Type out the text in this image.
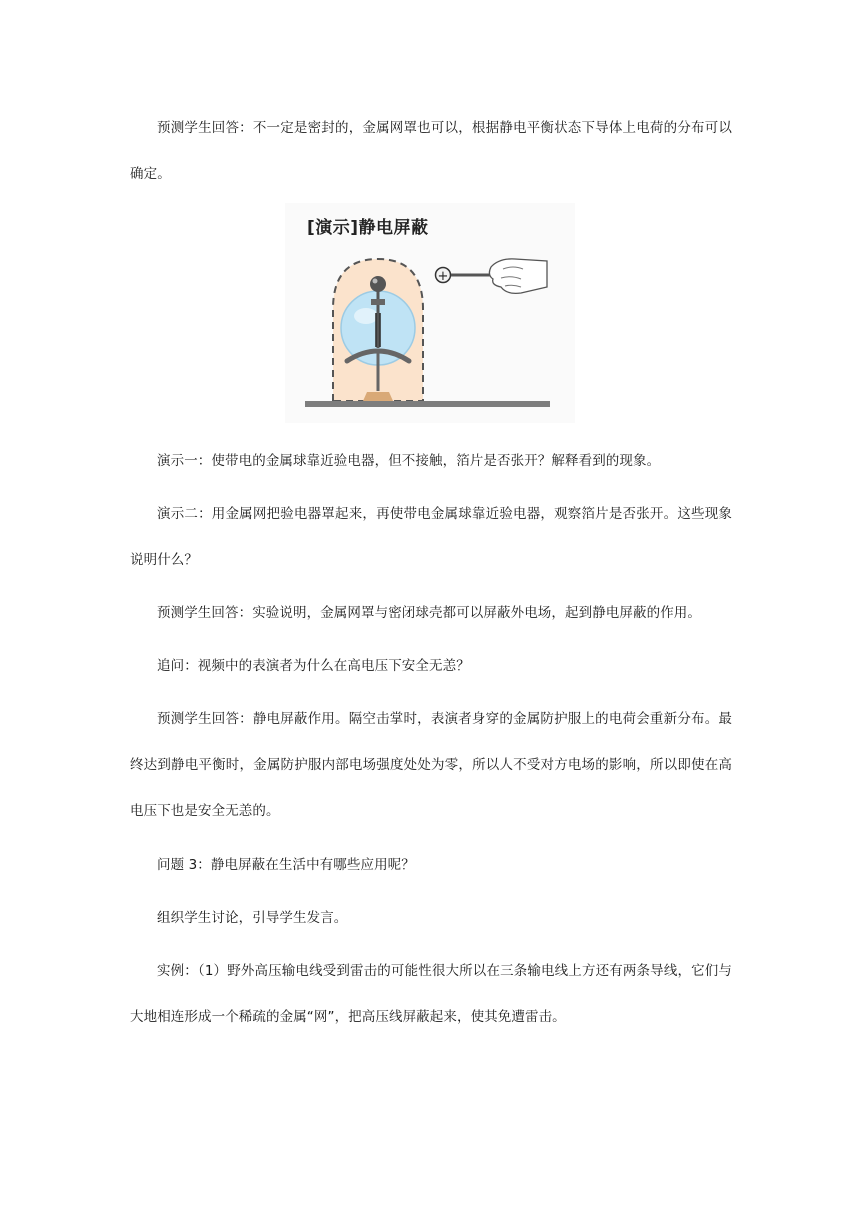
预测学生回答：不一定是密封的，金属网罩也可以，根据静电平衡状态下导体上电荷的分布可以确定。

+
[演示]静电屏蔽

演示一：使带电的金属球靠近验电器，但不接触，箔片是否张开？解释看到的现象。

演示二：用金属网把验电器罩起来，再使带电金属球靠近验电器，观察箔片是否张开。这些现象说明什么？

预测学生回答：实验说明，金属网罩与密闭球壳都可以屏蔽外电场，起到静电屏蔽的作用。

追问：视频中的表演者为什么在高电压下安全无恙？

预测学生回答：静电屏蔽作用。隔空击掌时，表演者身穿的金属防护服上的电荷会重新分布。最终达到静电平衡时，金属防护服内部电场强度处处为零，所以人不受对方电场的影响，所以即使在高电压下也是安全无恙的。

问题 3：静电屏蔽在生活中有哪些应用呢？

组织学生讨论，引导学生发言。

实例：（1）野外高压输电线受到雷击的可能性很大所以在三条输电线上方还有两条导线，它们与大地相连形成一个稀疏的金属“网”，把高压线屏蔽起来，使其免遭雷击。
